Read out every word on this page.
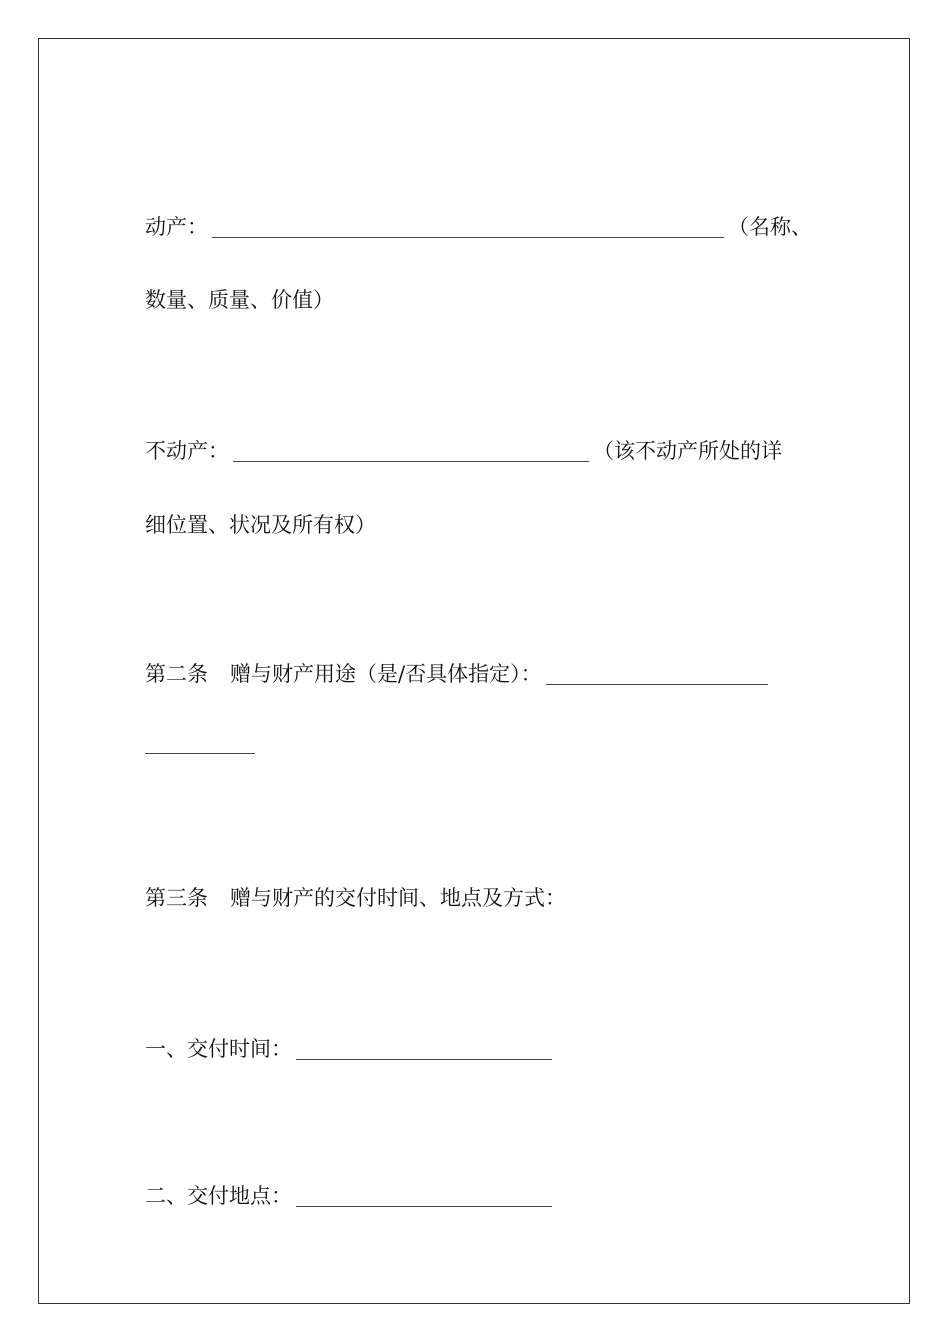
动产：	（名称、
数量、质量、价值）
不动产：	（该不动产所处的详
细位置、状况及所有权）
第二条 赠与财产用途（是/否具体指定）：
第三条 赠与财产的交付时间、地点及方式：
一、交付时间：
二、交付地点：
